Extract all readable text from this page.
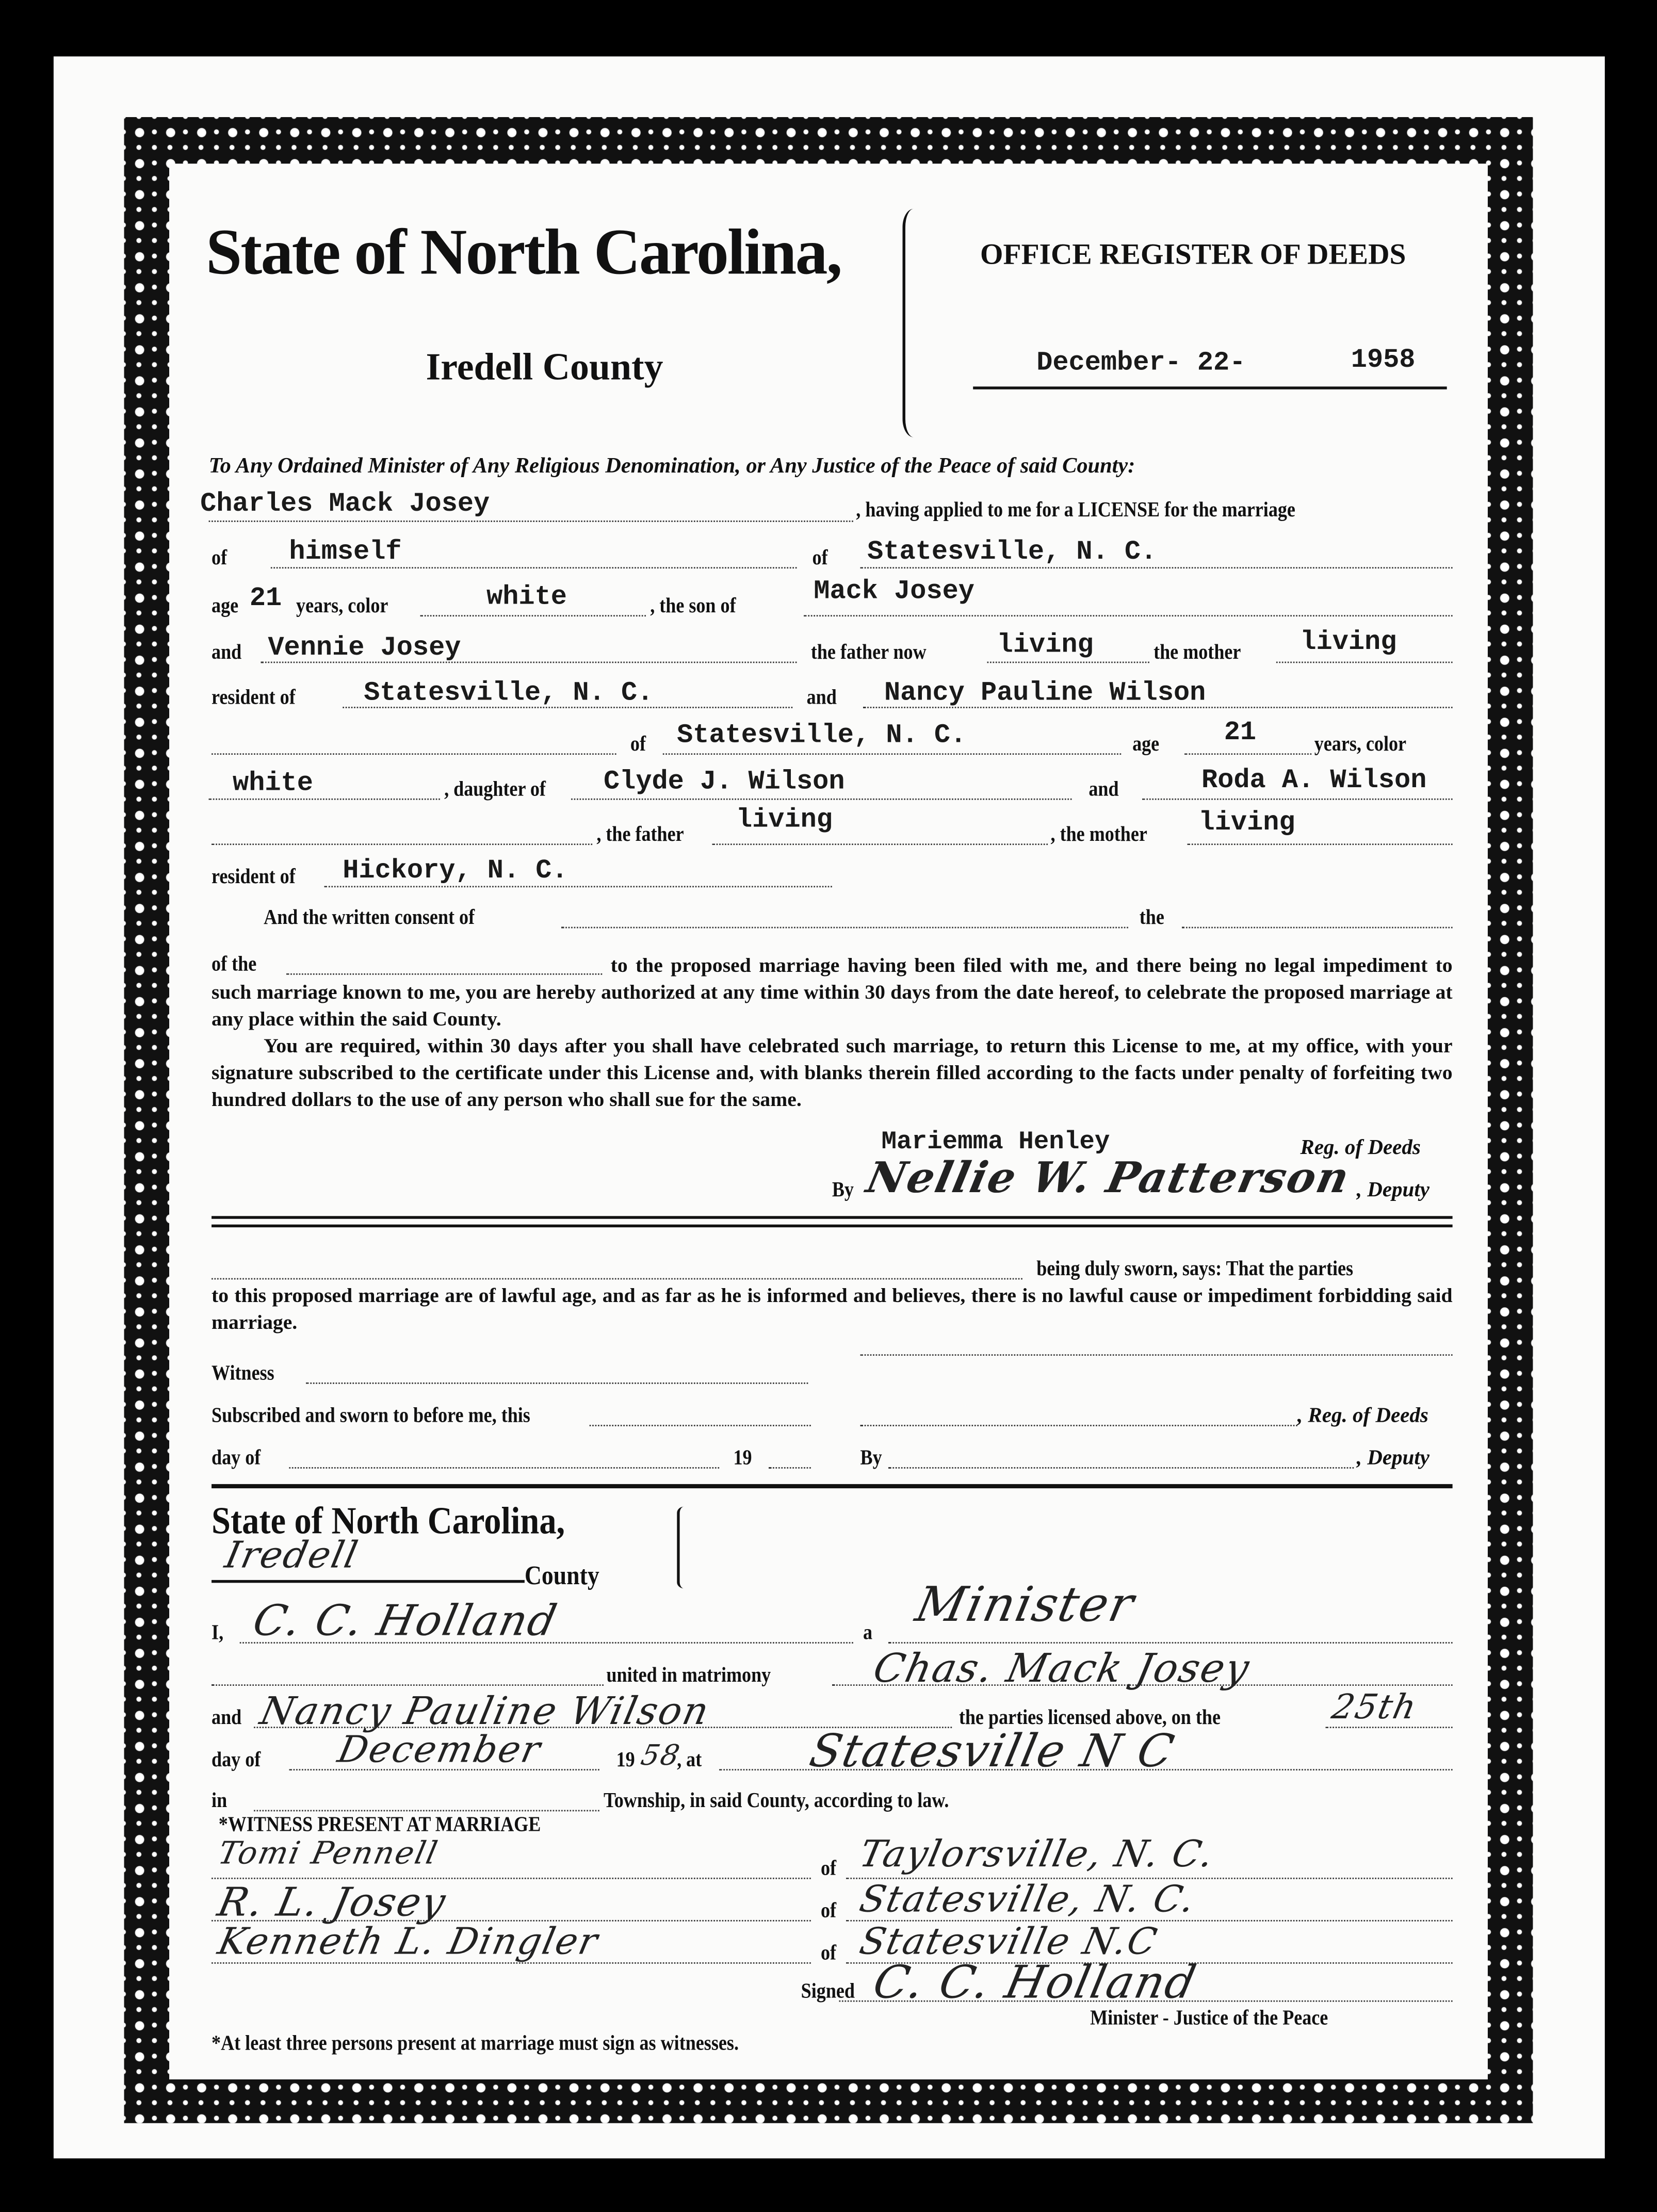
State of North Carolina,	OFFICE REGISTER OF DEEDS
Iredell County	December- 22-	1958
To Any Ordained Minister of Any Religious Denomination, or Any Justice of the Peace of said County:
Charles Mack Josey	, having applied to me for a LICENSE for the marriage
of	himself	of	Statesville, N. C.
age 21 years, color	white	, the son of	Mack Josey
and	Vennie Josey	the father now	living	the mother	living
resident of	Statesville, N. C.	and	Nancy Pauline Wilson
of	Statesville, N. C.	age	21	years, color
white	, daughter of	Clyde J. Wilson	and	Roda A. Wilson
, the father	living	, the mother	living
resident of	Hickory, N. C.
And the written consent of	the
of the	to the proposed marriage having been filed with me, and there being no legal impediment to such marriage known to me, you are hereby authorized at any time within 30 days from the date hereof, to celebrate the proposed marriage at any place within the said County.
You are required, within 30 days after you shall have celebrated such marriage, to return this License to me, at my office, with your signature subscribed to the certificate under this License and, with blanks therein filled according to the facts under penalty of forfeiting two hundred dollars to the use of any person who shall sue for the same.
Mariemma Henley	Reg. of Deeds
By Nellie W. Patterson , Deputy
being duly sworn, says: That the parties
to this proposed marriage are of lawful age, and as far as he is informed and believes, there is no lawful cause or impediment forbidding said marriage.
Witness
Subscribed and sworn to before me, this	, Reg. of Deeds
day of	19	By	, Deputy
State of North Carolina,
Iredell	County
I, C. C. Holland	a
Minister
united in matrimony	Chas. Mack Josey
and Nancy Pauline Wilson	the parties licensed above, on the	25th
day of	December	19 58
, at	Statesville N C
in	Township, in said County, according to law.
*WITNESS PRESENT AT MARRIAGE
Tomi Pennell	of Taylorsville, N. C.
R. L. Josey	of Statesville, N. C.
Kenneth L. Dingler	of Statesville N.C
Signed C. C. Holland
Minister - Justice of the Peace
*At least three persons present at marriage must sign as witnesses.
